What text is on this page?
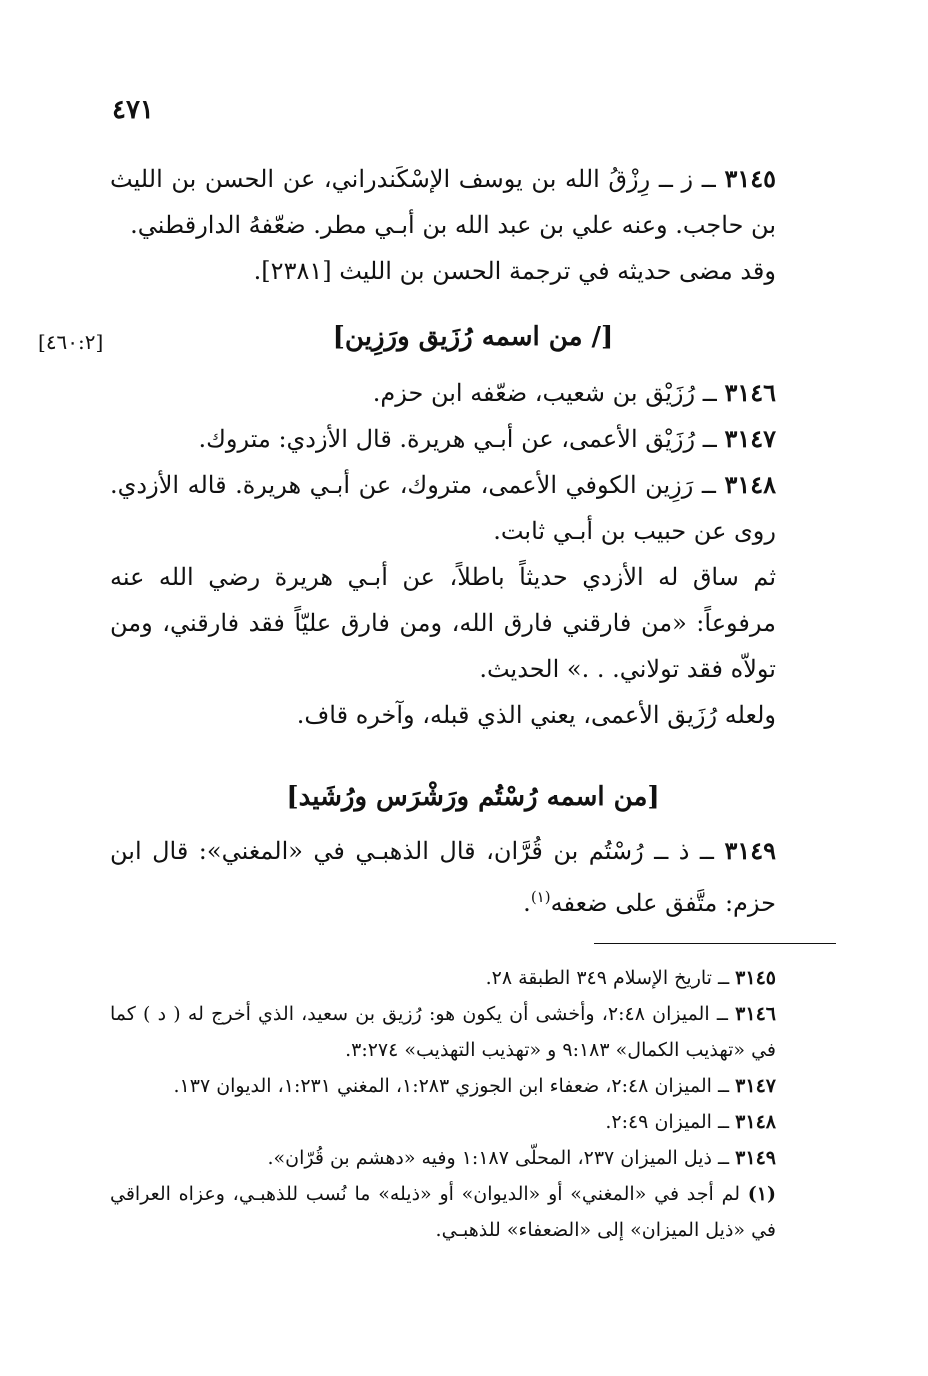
٤٧١

٣١٤٥ ــ ز ــ رِزْقُ الله بن يوسف الإسْكَندراني، عن الحسن بن الليث بن حاجب. وعنه علي بن عبد الله بن أبـي مطر. ضعّفهُ الدارقطني.

وقد مضى حديثه في ترجمة الحسن بن الليث [٢٣٨١].

[٤٦٠:٢]	[/ من اسمه رُزَيق ورَزِين]

٣١٤٦ ــ رُزَيْق بن شعيب، ضعّفه ابن حزم.

٣١٤٧ ــ رُزَيْق الأعمى، عن أبـي هريرة. قال الأزدي: متروك.

٣١٤٨ ــ رَزِين الكوفي الأعمى، متروك، عن أبـي هريرة. قاله الأزدي. روى عن حبيب بن أبـي ثابت.

ثم ساق له الأزدي حديثاً باطلاً، عن أبـي هريرة رضي الله عنه مرفوعاً: «من فارقني فارق الله، ومن فارق عليّاً فقد فارقني، ومن تولاّه فقد تولاني. . .» الحديث.

ولعله رُزَيق الأعمى، يعني الذي قبله، وآخره قاف.

[من اسمه رُسْتُم ورَشْرَس ورُشَيد]

٣١٤٩ ــ ذ ــ رُسْتُم بن قُرَّان، قال الذهبـي في «المغني»: قال ابن حزم: متَّفق على ضعفه$^{(١)}$.

٣١٤٥ ــ تاريخ الإسلام ٣٤٩ الطبقة ٢٨.

٣١٤٦ ــ الميزان ٢:٤٨، وأخشى أن يكون هو: رُزيق بن سعيد، الذي أخرج له ( د ) كما في «تهذيب الكمال» ٩:١٨٣ و «تهذيب التهذيب» ٣:٢٧٤.

٣١٤٧ ــ الميزان ٢:٤٨، ضعفاء ابن الجوزي ١:٢٨٣، المغني ١:٢٣١، الديوان ١٣٧.

٣١٤٨ ــ الميزان ٢:٤٩.

٣١٤٩ ــ ذيل الميزان ٢٣٧، المحلّى ١:١٨٧ وفيه «دهشم بن قُرّان».

(١) لم أجد في «المغني» أو «الديوان» أو «ذيله» ما نُسب للذهبـي، وعزاه العراقي في «ذيل الميزان» إلى «الضعفاء» للذهبـي.
